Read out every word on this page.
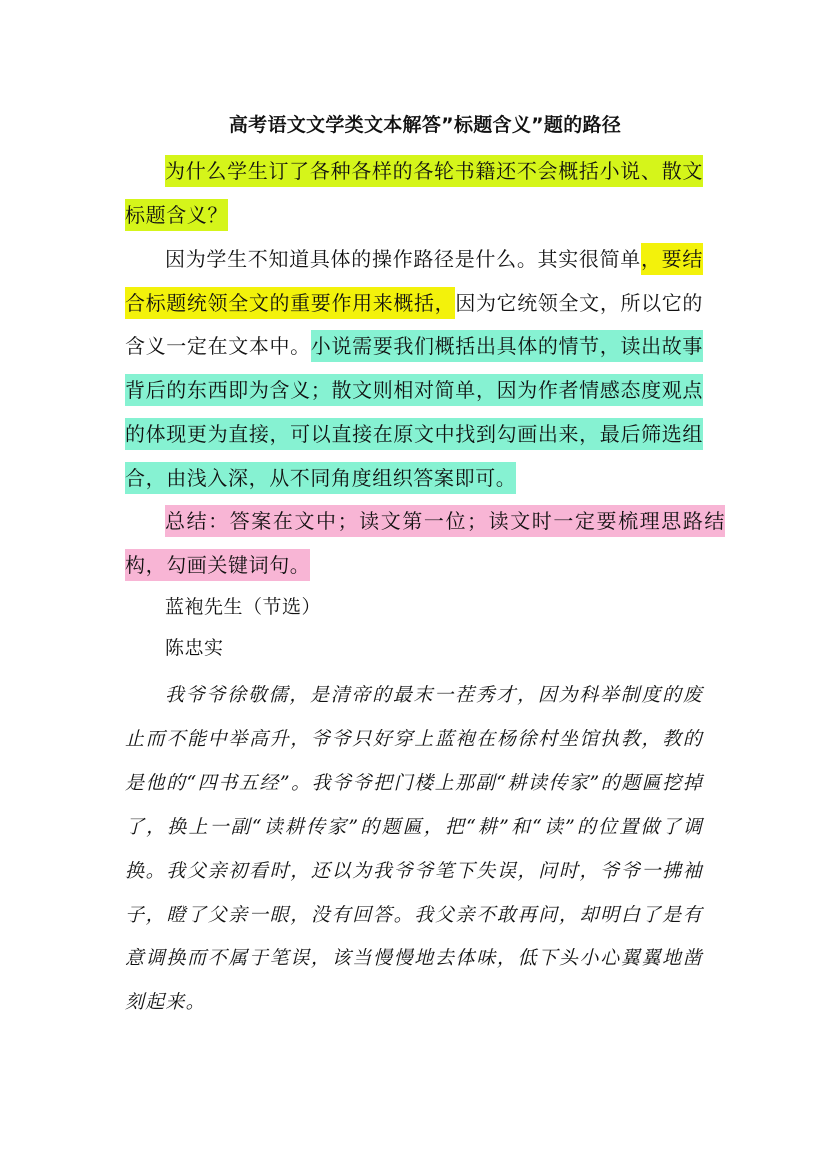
高考语文文学类文本解答”标题含义”题的路径

为什么学生订了各种各样的各轮书籍还不会概括小说、散文标题含义？

因为学生不知道具体的操作路径是什么。其实很简单，要结合标题统领全文的重要作用来概括，因为它统领全文，所以它的含义一定在文本中。小说需要我们概括出具体的情节，读出故事背后的东西即为含义；散文则相对简单，因为作者情感态度观点的体现更为直接，可以直接在原文中找到勾画出来，最后筛选组合，由浅入深，从不同角度组织答案即可。

总结：答案在文中；读文第一位；读文时一定要梳理思路结构，勾画关键词句。

蓝袍先生（节选）
陈忠实

我爷爷徐敬儒，是清帝的最末一茬秀才，因为科举制度的废止而不能中举高升，爷爷只好穿上蓝袍在杨徐村坐馆执教，教的是他的“四书五经”。我爷爷把门楼上那副“耕读传家”的题匾挖掉了，换上一副“读耕传家”的题匾，把“耕”和“读”的位置做了调换。我父亲初看时，还以为我爷爷笔下失误，问时，爷爷一拂袖子，瞪了父亲一眼，没有回答。我父亲不敢再问，却明白了是有意调换而不属于笔误，该当慢慢地去体味，低下头小心翼翼地凿刻起来。
